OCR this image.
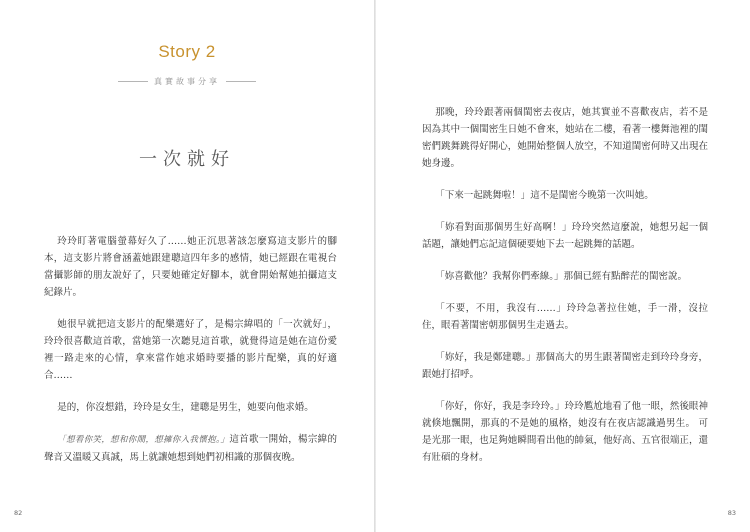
Story 2
真實故事分享
一次就好

玲玲盯著電腦螢幕好久了……她正沉思著該怎麼寫這支影片的腳本，這支影片將會涵蓋她跟建聰這四年多的感情，她已經跟在電視台當攝影師的朋友說好了，只要她確定好腳本，就會開始幫她拍攝這支紀錄片。

她很早就把這支影片的配樂選好了，是楊宗緯唱的「一次就好」，玲玲很喜歡這首歌，當她第一次聽見這首歌，就覺得這是她在這份愛裡一路走來的心情，拿來當作她求婚時要播的影片配樂，真的好適合……

是的，你沒想錯，玲玲是女生，建聰是男生，她要向他求婚。

「想看你笑，想和你鬧，想擁你入我懷抱。」這首歌一開始，楊宗緯的聲音又溫暖又真誠，馬上就讓她想到她們初相識的那個夜晚。

82

那晚，玲玲跟著兩個閨密去夜店，她其實並不喜歡夜店，若不是因為其中一個閨密生日她不會來，她站在二樓，看著一樓舞池裡的閨密們跳舞跳得好開心，她開始整個人放空，不知道閨密何時又出現在她身邊。

「下來一起跳舞啦！」這不是閨密今晚第一次叫她。

「妳看對面那個男生好高啊！」玲玲突然這麼說，她想另起一個話題，讓她們忘記這個硬要她下去一起跳舞的話題。

「妳喜歡他？我幫你們牽線。」那個已經有點醉茫的閨密說。

「不要，不用，我沒有……」玲玲急著拉住她，手一滑，沒拉住，眼看著閨密朝那個男生走過去。

「妳好，我是鄭建聰。」那個高大的男生跟著閨密走到玲玲身旁，跟她打招呼。

「你好，你好，我是李玲玲。」玲玲尷尬地看了他一眼，然後眼神就倏地飄開，那真的不是她的風格，她沒有在夜店認識過男生。 可是光那一眼，也足夠她瞬間看出他的帥氣，他好高、五官很端正，還有壯碩的身材。

83
